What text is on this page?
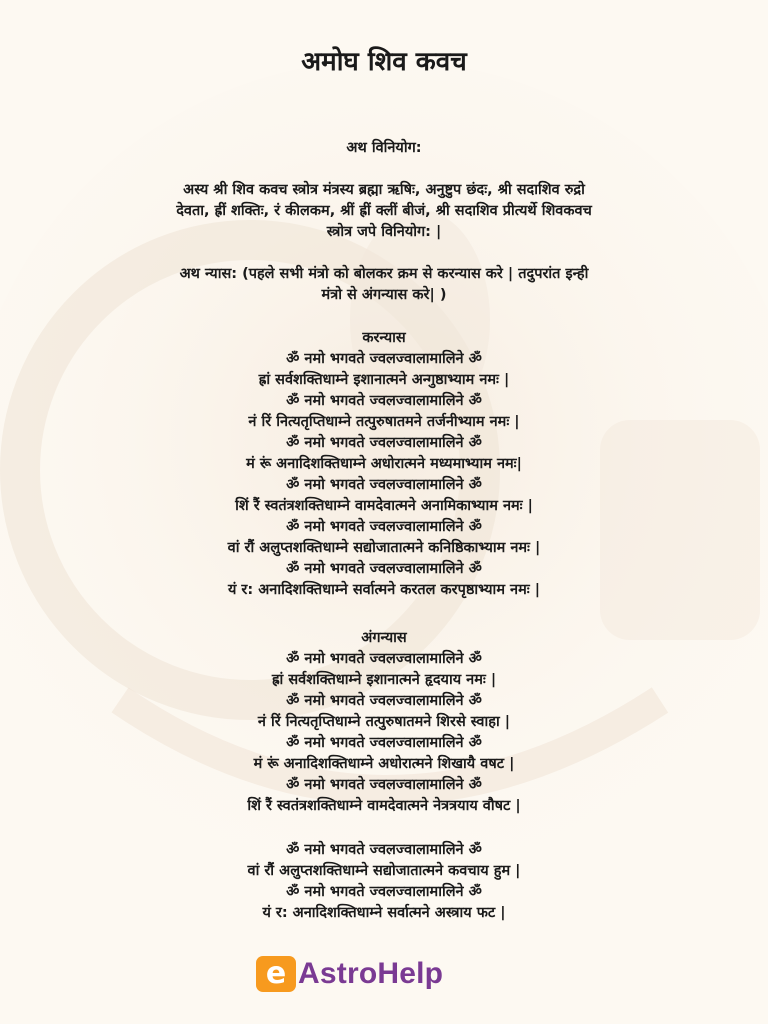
अमोघ शिव कवच
अथ विनियोग:
अस्य श्री शिव कवच स्त्रोत्र मंत्रस्य ब्रह्मा ऋषिः, अनुष्टुप छंदः, श्री सदाशिव रुद्रो
देवता, ह्रीं शक्तिः, रं कीलकम, श्रीं ह्रीं क्लीं बीजं, श्री सदाशिव प्रीत्यर्थे शिवकवच
स्त्रोत्र जपे विनियोग: |
अथ न्यास: (पहले सभी मंत्रो को बोलकर क्रम से करन्यास करे | तदुपरांत इन्ही
मंत्रो से अंगन्यास करे| )
करन्यास
ॐ नमो भगवते ज्वलज्वालामालिने ॐ
ह्रां सर्वशक्तिधाम्ने इशानात्मने अन्गुष्ठाभ्याम नमः |
ॐ नमो भगवते ज्वलज्वालामालिने ॐ
नं रिं नित्यतृप्तिधाम्ने तत्पुरुषातमने तर्जनीभ्याम नमः |
ॐ नमो भगवते ज्वलज्वालामालिने ॐ
मं रूं अनादिशक्तिधाम्ने अधोरात्मने मध्यमाभ्याम नमः|
ॐ नमो भगवते ज्वलज्वालामालिने ॐ
शिं रैं स्वतंत्रशक्तिधाम्ने वामदेवात्मने अनामिकाभ्याम नमः |
ॐ नमो भगवते ज्वलज्वालामालिने ॐ
वां रौं अलुप्तशक्तिधाम्ने सद्योजातात्मने कनिष्ठिकाभ्याम नमः |
ॐ नमो भगवते ज्वलज्वालामालिने ॐ
यं र: अनादिशक्तिधाम्ने सर्वात्मने करतल करपृष्ठाभ्याम नमः |
अंगन्यास
ॐ नमो भगवते ज्वलज्वालामालिने ॐ
ह्रां सर्वशक्तिधाम्ने इशानात्मने हृदयाय नमः |
ॐ नमो भगवते ज्वलज्वालामालिने ॐ
नं रिं नित्यतृप्तिधाम्ने तत्पुरुषातमने शिरसे स्वाहा |
ॐ नमो भगवते ज्वलज्वालामालिने ॐ
मं रूं अनादिशक्तिधाम्ने अधोरात्मने शिखायै वषट |
ॐ नमो भगवते ज्वलज्वालामालिने ॐ
शिं रैं स्वतंत्रशक्तिधाम्ने वामदेवात्मने नेत्रत्रयाय वौषट |
ॐ नमो भगवते ज्वलज्वालामालिने ॐ
वां रौं अलुप्तशक्तिधाम्ने सद्योजातात्मने कवचाय हुम |
ॐ नमो भगवते ज्वलज्वालामालिने ॐ
यं र: अनादिशक्तिधाम्ने सर्वात्मने अस्त्राय फट |
e AstroHelp
